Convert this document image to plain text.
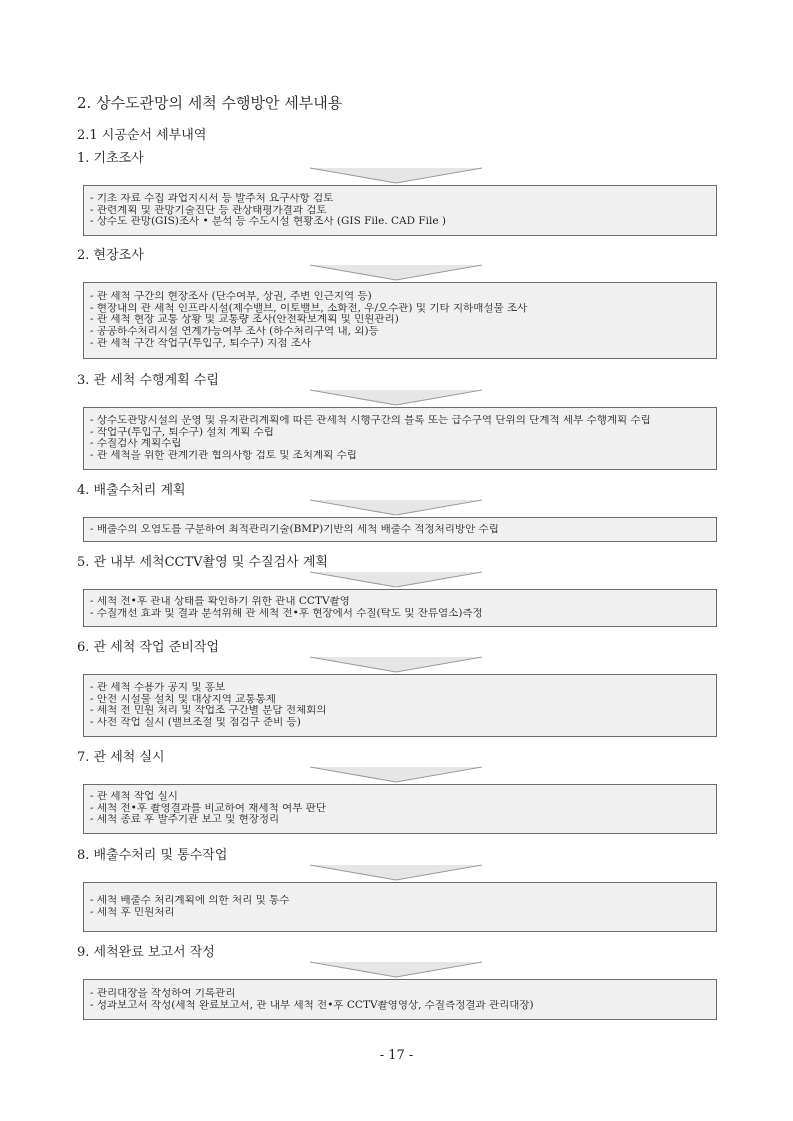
2. 상수도관망의 세척 수행방안 세부내용
2.1 시공순서 세부내역
1. 기초조사
- 기초 자료 수집 과업지시서 등 발주처 요구사항 검토
- 관련계획 및 관망기술진단 등 관상태평가결과 검토
- 상수도 관망(GIS)조사 • 분석 등 수도시설 현황조사 (GIS File. CAD File )
2. 현장조사
- 관 세척 구간의 현장조사 (단수여부, 상권, 주변 인근지역 등)
- 현장내의 관 세척 인프라시설(제수밸브, 이토밸브, 소화전, 우/오수관) 및 기타 지하매설물 조사
- 관 세척 현장 교통 상황 및 교통량 조사(안전확보계획 및 민원관리)
- 공공하수처리시설 연계가능여부 조사 (하수처리구역 내, 외)등
- 관 세척 구간 작업구(투입구, 퇴수구) 지점 조사
3. 관 세척 수행계획 수립
- 상수도관망시설의 운영 및 유지관리계획에 따른 관세척 시행구간의 블록 또는 급수구역 단위의 단계적 세부 수행계획 수립
- 작업구(투입구, 퇴수구) 설치 계획 수립
- 수질검사 계획수립
- 관 세척을 위한 관계기관 협의사항 검토 및 조치계획 수립
4. 배출수처리 계획
- 배출수의 오염도를 구분하여 최적관리기술(BMP)기반의 세척 배출수 적정처리방안 수립
5. 관 내부 세척CCTV촬영 및 수질검사 계획
- 세척 전•후 관내 상태를 확인하기 위한 관내 CCTV촬영
- 수질개선 효과 및 결과 분석위해 관 세척 전•후 현장에서 수질(탁도 및 잔류염소)측정
6. 관 세척 작업 준비작업
- 관 세척 수용가 공지 및 홍보
- 안전 시설물 설치 및 대상지역 교통통제
- 세척 전 민원 처리 및 작업조 구간별 분담 전체회의
- 사전 작업 실시 (밸브조절 및 점검구 준비 등)
7. 관 세척 실시
- 관 세척 작업 실시
- 세척 전•후 촬영결과를 비교하여 재세척 여부 판단
- 세척 종료 후 발주기관 보고 및 현장정리
8. 배출수처리 및 통수작업
- 세척 배출수 처리계획에 의한 처리 및 통수
- 세척 후 민원처리
9. 세척완료 보고서 작성
- 관리대장을 작성하여 기록관리
- 성과보고서 작성(세척 완료보고서, 관 내부 세척 전•후 CCTV촬영영상, 수질측정결과 관리대장)
- 17 -
